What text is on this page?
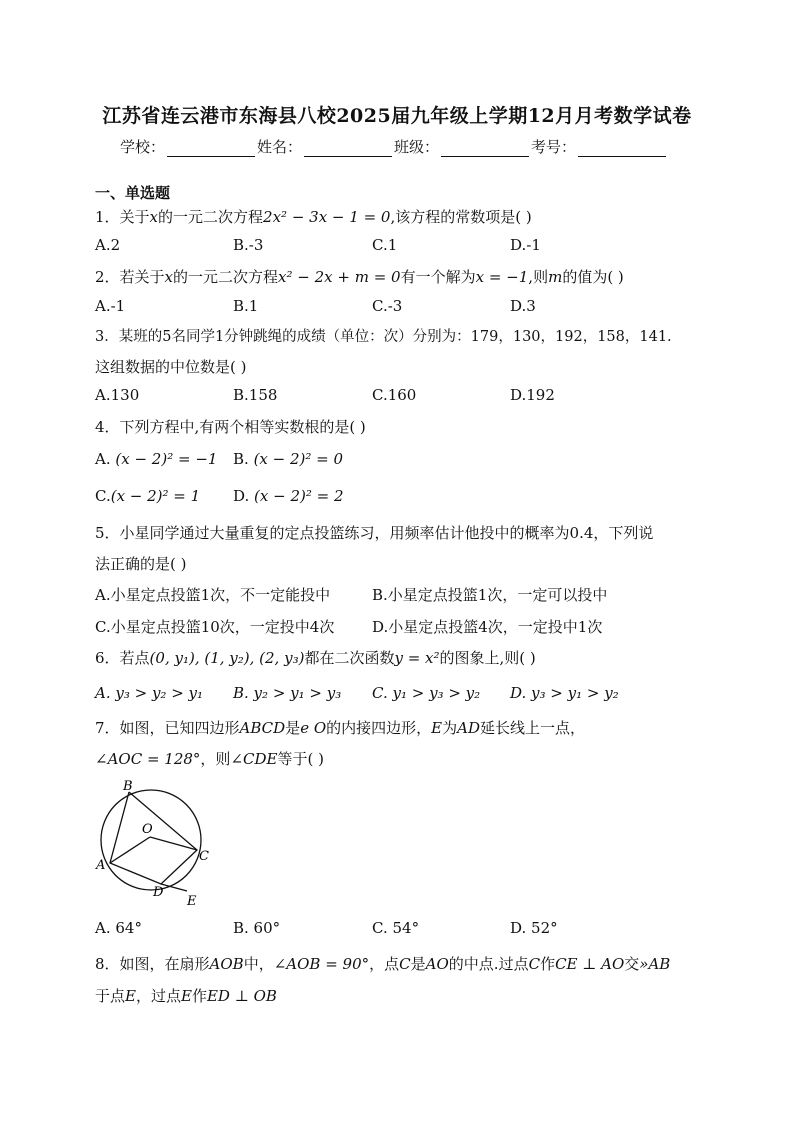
江苏省连云港市东海县八校2025届九年级上学期12月月考数学试卷
学校：	姓名：	班级：	考号：
一、单选题
1．关于x的一元二次方程2x² − 3x − 1 = 0,该方程的常数项是( )
A.2	B.-3	C.1	D.-1
2．若关于x的一元二次方程x² − 2x + m = 0有一个解为x = −1,则m的值为( )
A.-1	B.1	C.-3	D.3
3．某班的5名同学1分钟跳绳的成绩（单位：次）分别为：179，130，192，158，141.
这组数据的中位数是( )
A.130	B.158	C.160	D.192
4．下列方程中,有两个相等实数根的是( )
A. (x − 2)² = −1 B. (x − 2)² = 0
C.(x − 2)² = 1 D. (x − 2)² = 2
5．小星同学通过大量重复的定点投篮练习，用频率估计他投中的概率为0.4，下列说
法正确的是( )
A.小星定点投篮1次，不一定能投中	B.小星定点投篮1次，一定可以投中
C.小星定点投篮10次，一定投中4次	D.小星定点投篮4次，一定投中1次
6．若点(0, y₁), (1, y₂), (2, y₃)都在二次函数y = x²的图象上,则( )
A. y₃ > y₂ > y₁ B. y₂ > y₁ > y₃ C. y₁ > y₃ > y₂ D. y₃ > y₁ > y₂
7．如图，已知四边形ABCD是e O的内接四边形，E为AD延长线上一点，
∠AOC = 128°，则∠CDE等于( )
B
O
A
C
D
E
A. 64°	B. 60°	C. 54°	D. 52°
8．如图，在扇形AOB中，∠AOB = 90°，点C是AO的中点.过点C作CE ⊥ AO交»AB
于点E，过点E作ED ⊥ OB
